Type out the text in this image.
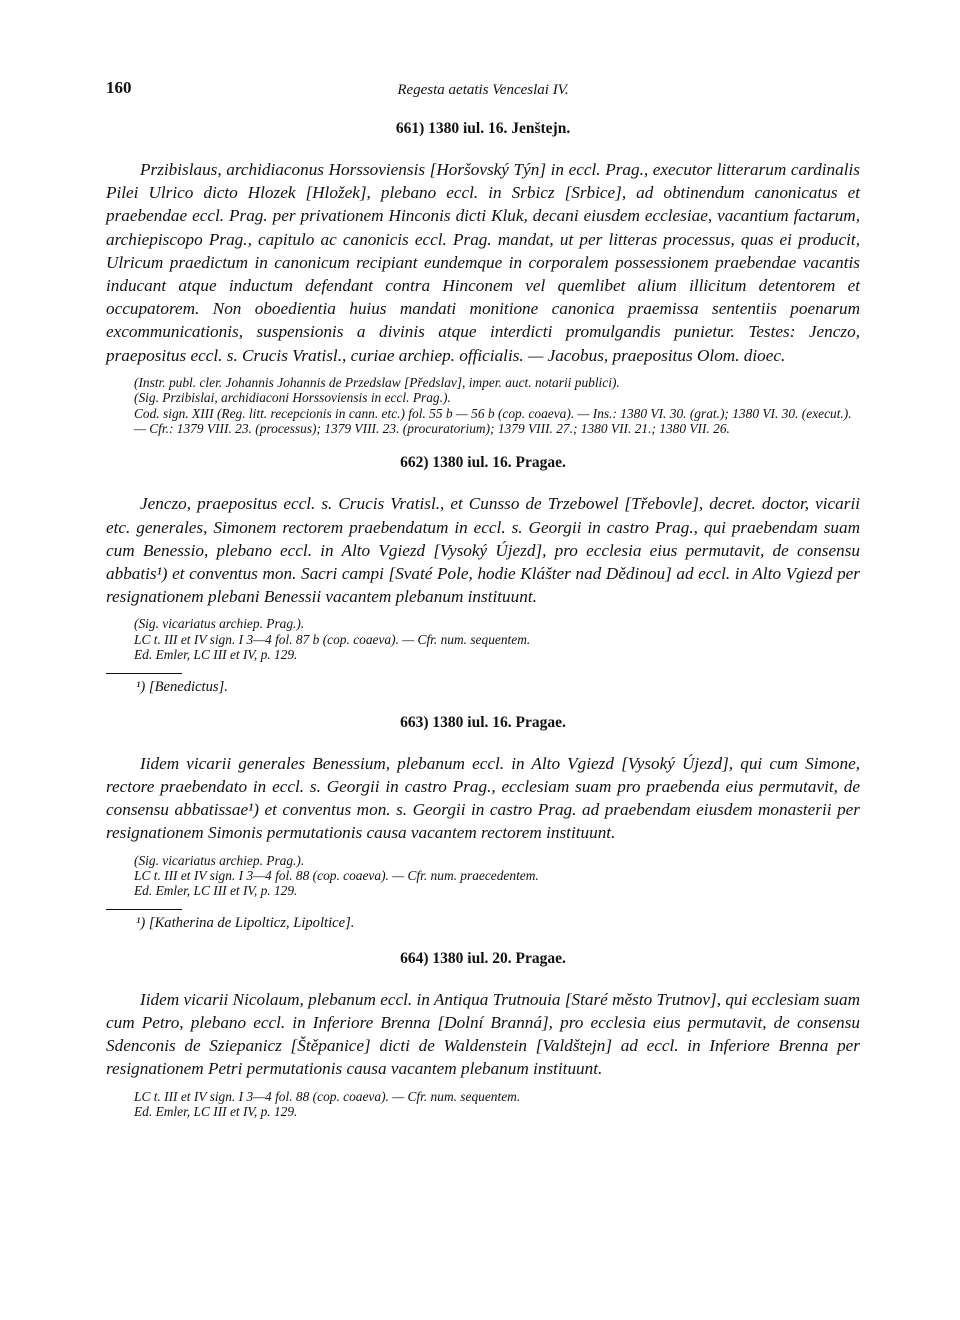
160	Regesta aetatis Venceslai IV.
661) 1380 iul. 16. Jenštejn.

Przibislaus, archidiaconus Horssoviensis [Horšovský Týn] in eccl. Prag., executor litterarum cardinalis Pilei Ulrico dicto Hlozek [Hložek], plebano eccl. in Srbicz [Srbice], ad obtinendum canonicatus et praebendae eccl. Prag. per privationem Hinconis dicti Kluk, decani eiusdem ecclesiae, vacantium factarum, archiepiscopo Prag., capitulo ac canonicis eccl. Prag. mandat, ut per litteras processus, quas ei producit, Ulricum praedictum in canonicum recipiant eundemque in corporalem possessionem praebendae vacantis inducant atque inductum defendant contra Hinconem vel quemlibet alium illicitum detentorem et occupatorem. Non oboedientia huius mandati monitione canonica praemissa sententiis poenarum excommunicationis, suspensionis a divinis atque interdicti promulgandis punietur. Testes: Jenczo, praepositus eccl. s. Crucis Vratisl., curiae archiep. officialis. — Jacobus, praepositus Olom. dioec.

(Instr. publ. cler. Johannis Johannis de Przedslaw [Předslav], imper. auct. notarii publici).
(Sig. Przibislai, archidiaconi Horssoviensis in eccl. Prag.).
Cod. sign. XIII (Reg. litt. recepcionis in cann. etc.) fol. 55 b — 56 b (cop. coaeva). — Ins.: 1380 VI. 30. (grat.); 1380 VI. 30. (execut.). — Cfr.: 1379 VIII. 23. (processus); 1379 VIII. 23. (procuratorium); 1379 VIII. 27.; 1380 VII. 21.; 1380 VII. 26.
662) 1380 iul. 16. Pragae.

Jenczo, praepositus eccl. s. Crucis Vratisl., et Cunsso de Trzebowel [Třebovle], decret. doctor, vicarii etc. generales, Simonem rectorem praebendatum in eccl. s. Georgii in castro Prag., qui praebendam suam cum Benessio, plebano eccl. in Alto Vgiezd [Vysoký Újezd], pro ecclesia eius permutavit, de consensu abbatis¹) et conventus mon. Sacri campi [Svaté Pole, hodie Klášter nad Dědinou] ad eccl. in Alto Vgiezd per resignationem plebani Benessii vacantem plebanum instituunt.

(Sig. vicariatus archiep. Prag.).
LC t. III et IV sign. I 3—4 fol. 87 b (cop. coaeva). — Cfr. num. sequentem.
Ed. Emler, LC III et IV, p. 129.
¹) [Benedictus].
663) 1380 iul. 16. Pragae.

Iidem vicarii generales Benessium, plebanum eccl. in Alto Vgiezd [Vysoký Újezd], qui cum Simone, rectore praebendato in eccl. s. Georgii in castro Prag., ecclesiam suam pro praebenda eius permutavit, de consensu abbatissae¹) et conventus mon. s. Georgii in castro Prag. ad praebendam eiusdem monasterii per resignationem Simonis permutationis causa vacantem rectorem instituunt.

(Sig. vicariatus archiep. Prag.).
LC t. III et IV sign. I 3—4 fol. 88 (cop. coaeva). — Cfr. num. praecedentem.
Ed. Emler, LC III et IV, p. 129.
¹) [Katherina de Lipolticz, Lipoltice].
664) 1380 iul. 20. Pragae.

Iidem vicarii Nicolaum, plebanum eccl. in Antiqua Trutnouia [Staré město Trutnov], qui ecclesiam suam cum Petro, plebano eccl. in Inferiore Brenna [Dolní Branná], pro ecclesia eius permutavit, de consensu Sdenconis de Sziepanicz [Štěpanice] dicti de Waldenstein [Valdštejn] ad eccl. in Inferiore Brenna per resignationem Petri permutationis causa vacantem plebanum instituunt.

LC t. III et IV sign. I 3—4 fol. 88 (cop. coaeva). — Cfr. num. sequentem.
Ed. Emler, LC III et IV, p. 129.
